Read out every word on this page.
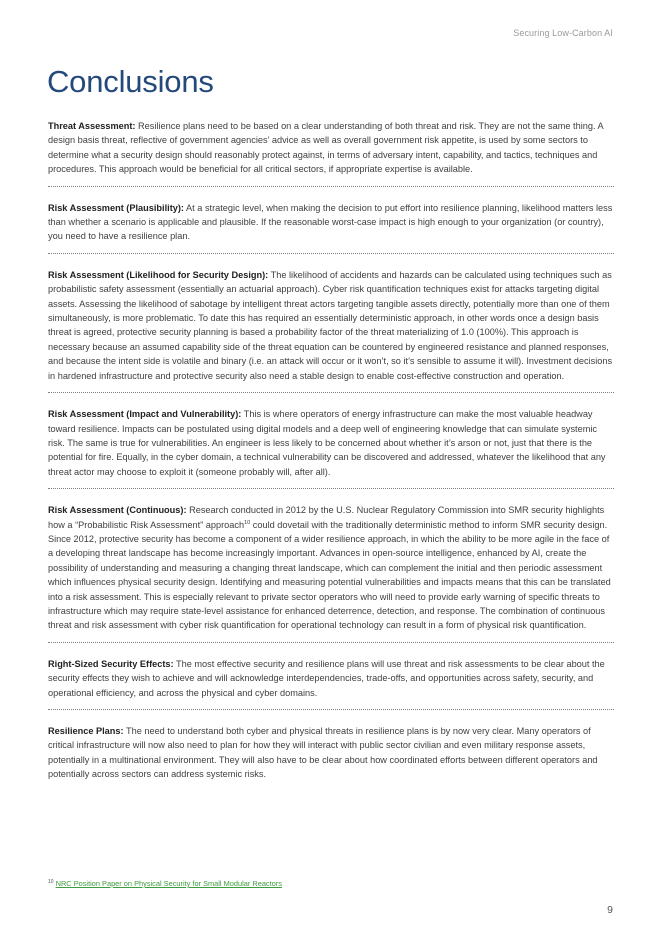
Securing Low-Carbon AI
Conclusions
Threat Assessment: Resilience plans need to be based on a clear understanding of both threat and risk. They are not the same thing. A design basis threat, reflective of government agencies’ advice as well as overall government risk appetite, is used by some sectors to determine what a security design should reasonably protect against, in terms of adversary intent, capability, and tactics, techniques and procedures. This approach would be beneficial for all critical sectors, if appropriate expertise is available.
Risk Assessment (Plausibility): At a strategic level, when making the decision to put effort into resilience planning, likelihood matters less than whether a scenario is applicable and plausible. If the reasonable worst-case impact is high enough to your organization (or country), you need to have a resilience plan.
Risk Assessment (Likelihood for Security Design): The likelihood of accidents and hazards can be calculated using techniques such as probabilistic safety assessment (essentially an actuarial approach). Cyber risk quantification techniques exist for attacks targeting digital assets. Assessing the likelihood of sabotage by intelligent threat actors targeting tangible assets directly, potentially more than one of them simultaneously, is more problematic. To date this has required an essentially deterministic approach, in other words once a design basis threat is agreed, protective security planning is based a probability factor of the threat materializing of 1.0 (100%). This approach is necessary because an assumed capability side of the threat equation can be countered by engineered resistance and planned responses, and because the intent side is volatile and binary (i.e. an attack will occur or it won’t, so it’s sensible to assume it will). Investment decisions in hardened infrastructure and protective security also need a stable design to enable cost-effective construction and operation.
Risk Assessment (Impact and Vulnerability): This is where operators of energy infrastructure can make the most valuable headway toward resilience. Impacts can be postulated using digital models and a deep well of engineering knowledge that can simulate systemic risk. The same is true for vulnerabilities. An engineer is less likely to be concerned about whether it’s arson or not, just that there is the potential for fire. Equally, in the cyber domain, a technical vulnerability can be discovered and addressed, whatever the likelihood that any threat actor may choose to exploit it (someone probably will, after all).
Risk Assessment (Continuous): Research conducted in 2012 by the U.S. Nuclear Regulatory Commission into SMR security highlights how a “Probabilistic Risk Assessment” approach$^{10}$ could dovetail with the traditionally deterministic method to inform SMR security design. Since 2012, protective security has become a component of a wider resilience approach, in which the ability to be more agile in the face of a developing threat landscape has become increasingly important. Advances in open-source intelligence, enhanced by AI, create the possibility of understanding and measuring a changing threat landscape, which can complement the initial and then periodic assessment which influences physical security design. Identifying and measuring potential vulnerabilities and impacts means that this can be translated into a risk assessment. This is especially relevant to private sector operators who will need to provide early warning of specific threats to infrastructure which may require state-level assistance for enhanced deterrence, detection, and response. The combination of continuous threat and risk assessment with cyber risk quantification for operational technology can result in a form of physical risk quantification.
Right-Sized Security Effects: The most effective security and resilience plans will use threat and risk assessments to be clear about the security effects they wish to achieve and will acknowledge interdependencies, trade-offs, and opportunities across safety, security, and operational efficiency, and across the physical and cyber domains.
Resilience Plans: The need to understand both cyber and physical threats in resilience plans is by now very clear. Many operators of critical infrastructure will now also need to plan for how they will interact with public sector civilian and even military response assets, potentially in a multinational environment. They will also have to be clear about how coordinated efforts between different operators and potentially across sectors can address systemic risks.
$^{10}$ NRC Position Paper on Physical Security for Small Modular Reactors
9
